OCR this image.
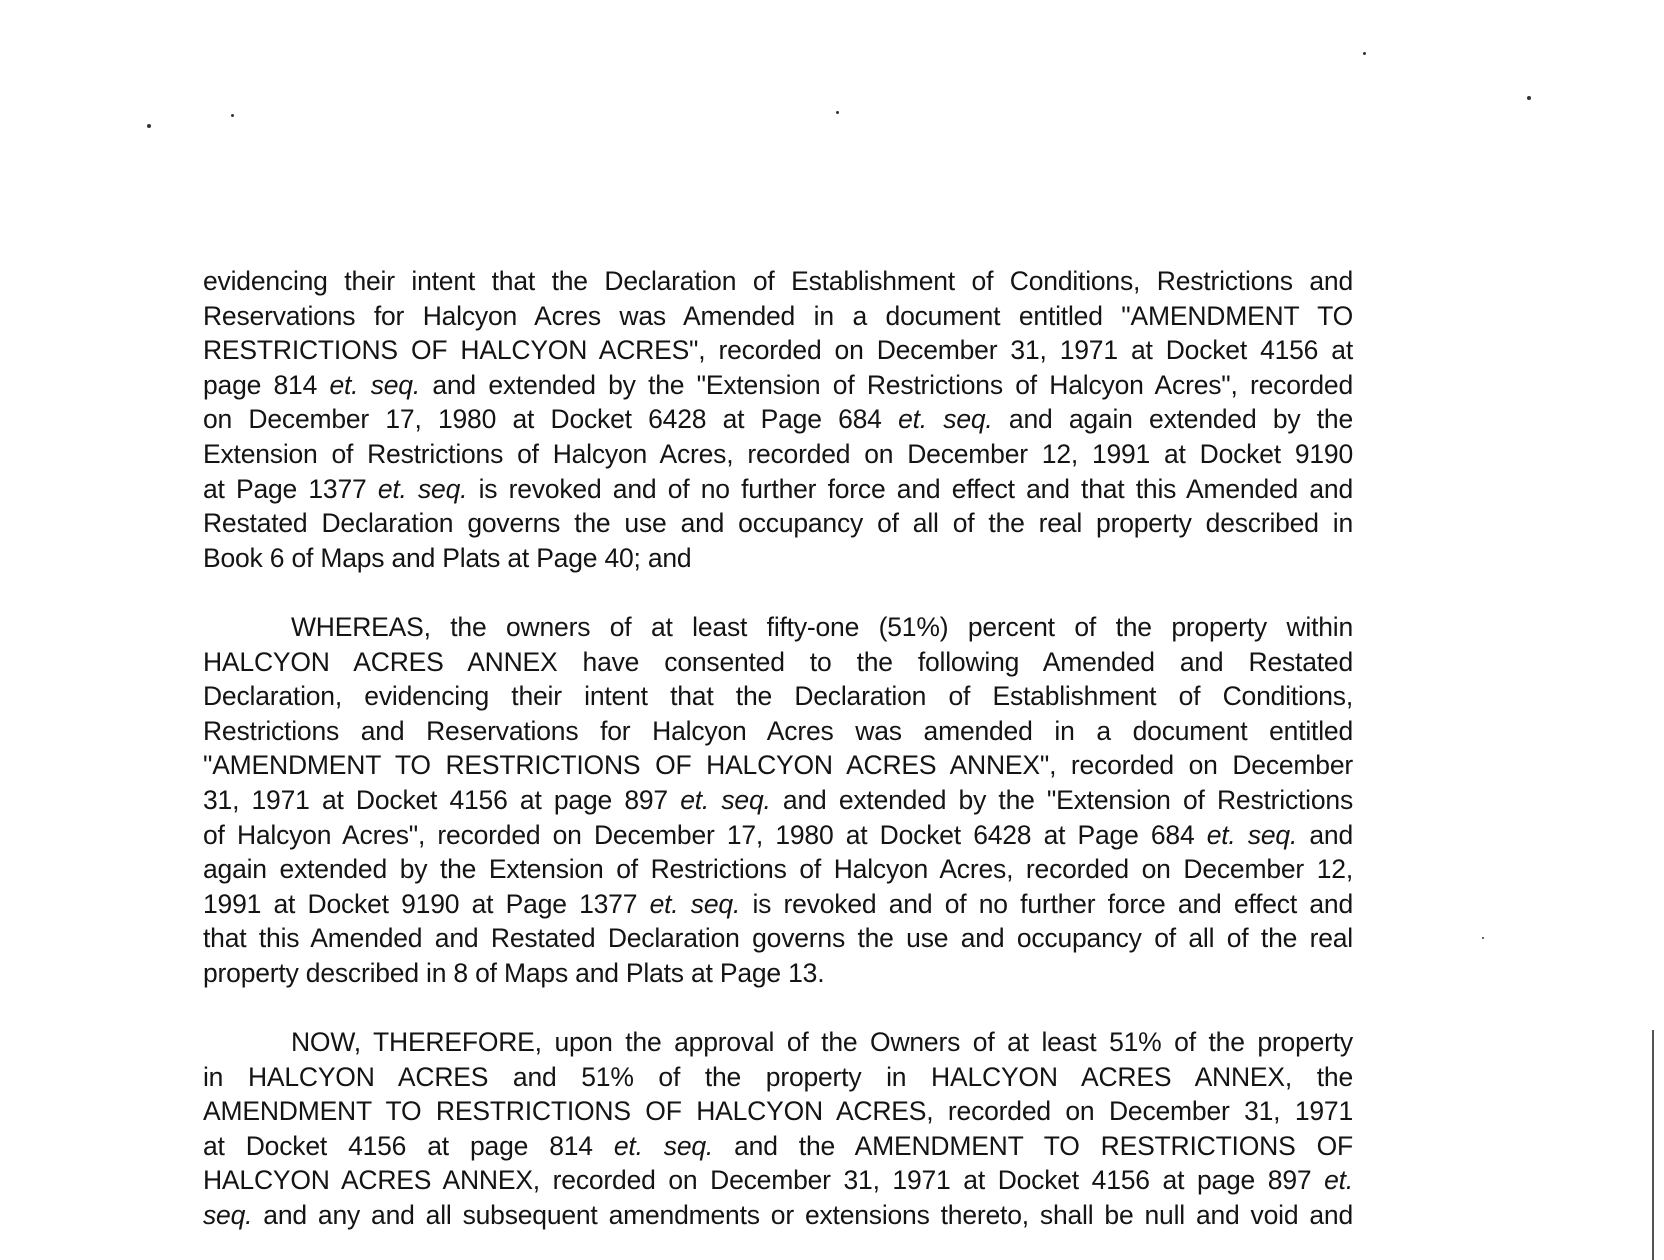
evidencing their intent that the Declaration of Establishment of Conditions, Restrictions and
Reservations for Halcyon Acres was Amended in a document entitled "AMENDMENT TO
RESTRICTIONS OF HALCYON ACRES", recorded on December 31, 1971 at Docket 4156 at
page 814 et. seq. and extended by the "Extension of Restrictions of Halcyon Acres", recorded
on December 17, 1980 at Docket 6428 at Page 684 et. seq. and again extended by the
Extension of Restrictions of Halcyon Acres, recorded on December 12, 1991 at Docket 9190
at Page 1377 et. seq. is revoked and of no further force and effect and that this Amended and
Restated Declaration governs the use and occupancy of all of the real property described in
Book 6 of Maps and Plats at Page 40; and

WHEREAS, the owners of at least fifty-one (51%) percent of the property within
HALCYON ACRES ANNEX have consented to the following Amended and Restated
Declaration, evidencing their intent that the Declaration of Establishment of Conditions,
Restrictions and Reservations for Halcyon Acres was amended in a document entitled
"AMENDMENT TO RESTRICTIONS OF HALCYON ACRES ANNEX", recorded on December
31, 1971 at Docket 4156 at page 897 et. seq. and extended by the "Extension of Restrictions
of Halcyon Acres", recorded on December 17, 1980 at Docket 6428 at Page 684 et. seq. and
again extended by the Extension of Restrictions of Halcyon Acres, recorded on December 12,
1991 at Docket 9190 at Page 1377 et. seq. is revoked and of no further force and effect and
that this Amended and Restated Declaration governs the use and occupancy of all of the real
property described in 8 of Maps and Plats at Page 13.

NOW, THEREFORE, upon the approval of the Owners of at least 51% of the property
in HALCYON ACRES and 51% of the property in HALCYON ACRES ANNEX, the
AMENDMENT TO RESTRICTIONS OF HALCYON ACRES, recorded on December 31, 1971
at Docket 4156 at page 814 et. seq. and the AMENDMENT TO RESTRICTIONS OF
HALCYON ACRES ANNEX, recorded on December 31, 1971 at Docket 4156 at page 897 et.
seq. and any and all subsequent amendments or extensions thereto, shall be null and void and
